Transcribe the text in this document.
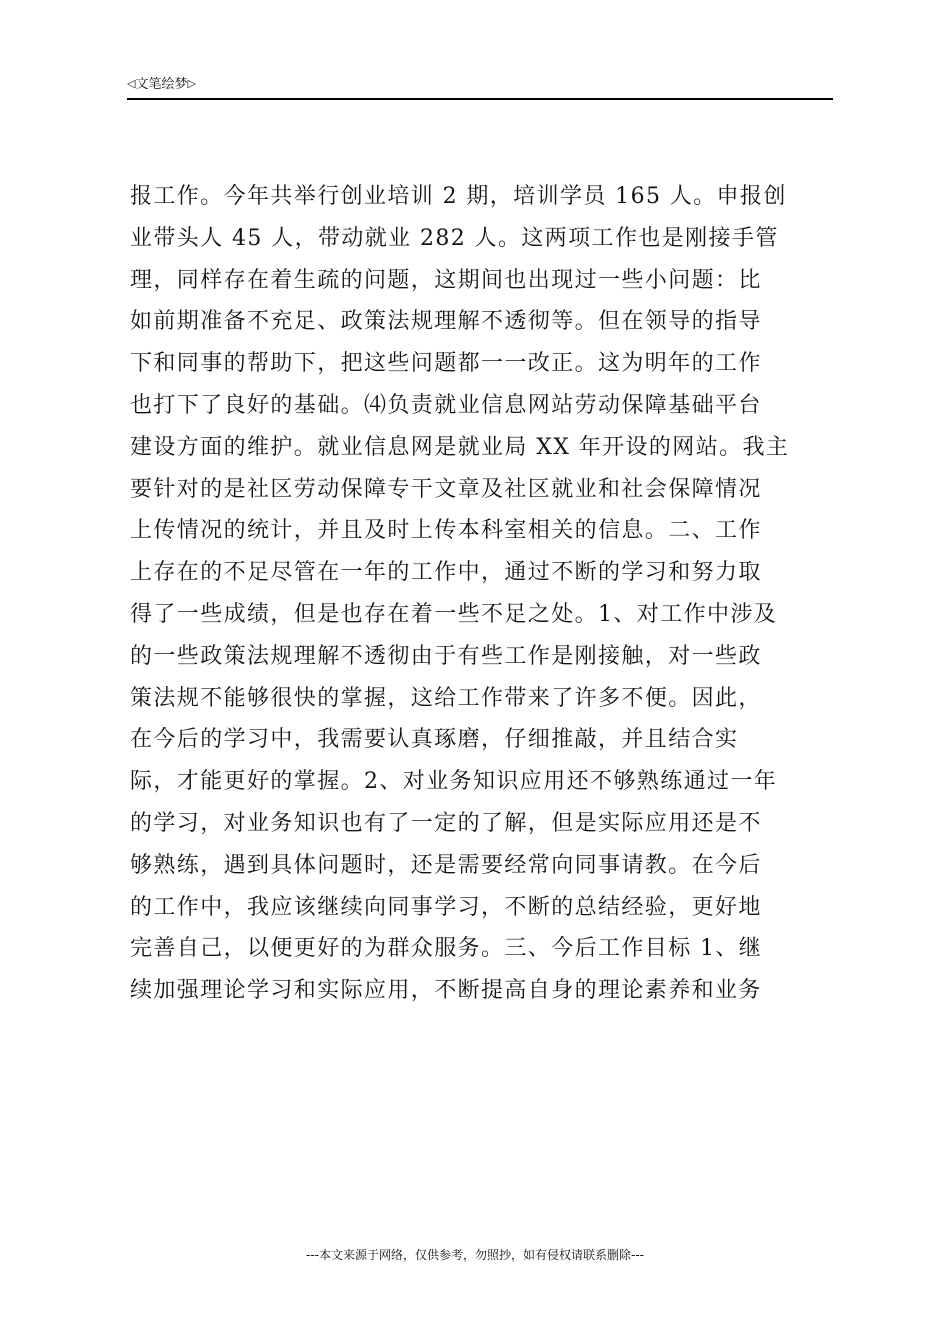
◁文笔绘梦▷
报工作。今年共举行创业培训 2 期，培训学员 165 人。申报创
业带头人 45 人，带动就业 282 人。这两项工作也是刚接手管
理，同样存在着生疏的问题，这期间也出现过一些小问题：比
如前期准备不充足、政策法规理解不透彻等。但在领导的指导
下和同事的帮助下，把这些问题都一一改正。这为明年的工作
也打下了良好的基础。⑷负责就业信息网站劳动保障基础平台
建设方面的维护。就业信息网是就业局 XX 年开设的网站。我主
要针对的是社区劳动保障专干文章及社区就业和社会保障情况
上传情况的统计，并且及时上传本科室相关的信息。二、工作
上存在的不足尽管在一年的工作中，通过不断的学习和努力取
得了一些成绩，但是也存在着一些不足之处。1、对工作中涉及
的一些政策法规理解不透彻由于有些工作是刚接触，对一些政
策法规不能够很快的掌握，这给工作带来了许多不便。因此，
在今后的学习中，我需要认真琢磨，仔细推敲，并且结合实
际，才能更好的掌握。2、对业务知识应用还不够熟练通过一年
的学习，对业务知识也有了一定的了解，但是实际应用还是不
够熟练，遇到具体问题时，还是需要经常向同事请教。在今后
的工作中，我应该继续向同事学习，不断的总结经验，更好地
完善自己，以便更好的为群众服务。三、今后工作目标 1、继
续加强理论学习和实际应用，不断提高自身的理论素养和业务
---本文来源于网络，仅供参考，勿照抄，如有侵权请联系删除---
